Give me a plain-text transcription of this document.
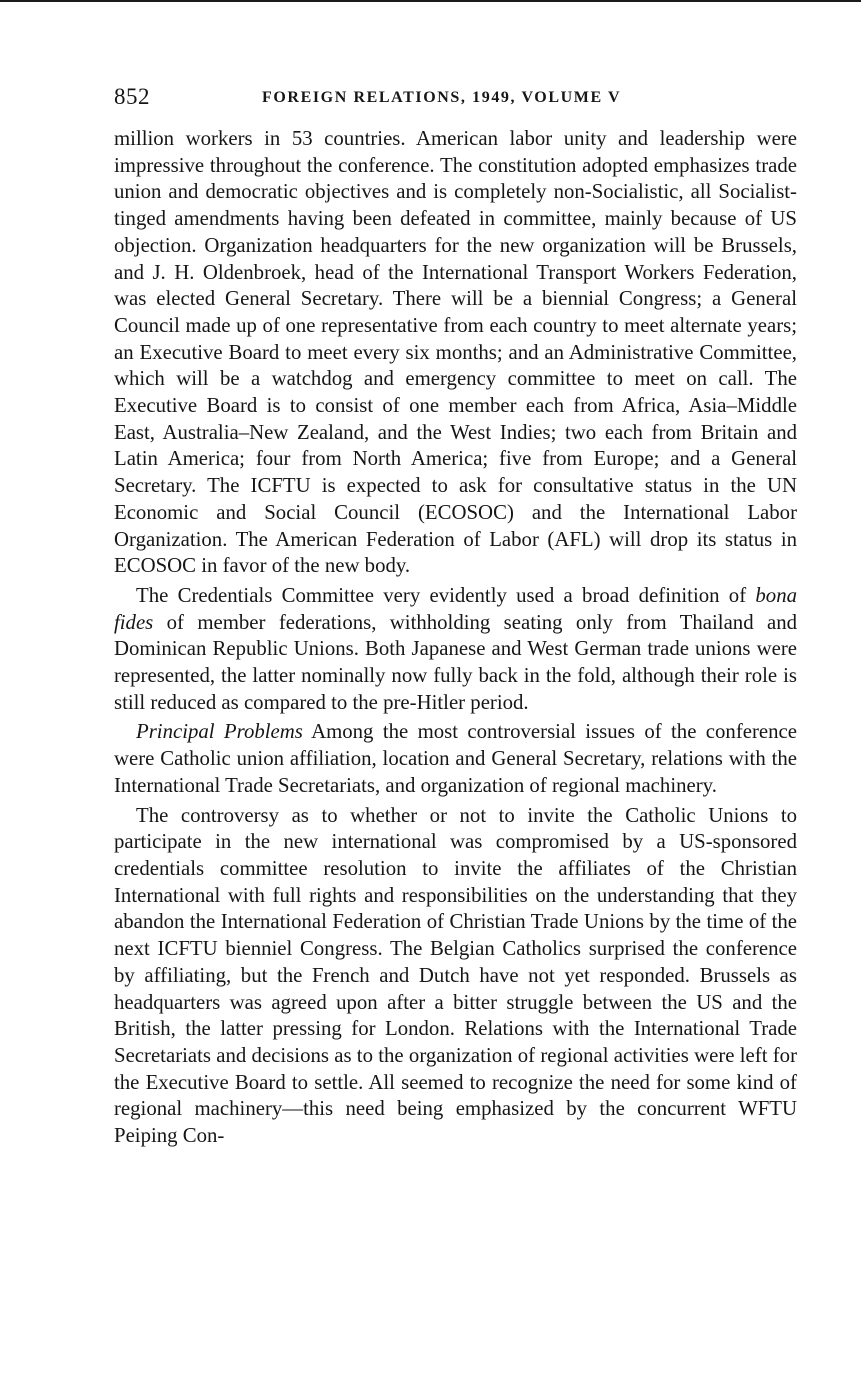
852	FOREIGN RELATIONS, 1949, VOLUME V

million workers in 53 countries. American labor unity and leadership were impressive throughout the conference. The constitution adopted emphasizes trade union and democratic objectives and is completely non-Socialistic, all Socialist-tinged amendments having been defeated in committee, mainly because of US objection. Organization headquarters for the new organization will be Brussels, and J. H. Oldenbroek, head of the International Transport Workers Federation, was elected General Secretary. There will be a biennial Congress; a General Council made up of one representative from each country to meet alternate years; an Executive Board to meet every six months; and an Administrative Committee, which will be a watchdog and emergency committee to meet on call. The Executive Board is to consist of one member each from Africa, Asia–Middle East, Australia–New Zealand, and the West Indies; two each from Britain and Latin America; four from North America; five from Europe; and a General Secretary. The ICFTU is expected to ask for consultative status in the UN Economic and Social Council (ECOSOC) and the International Labor Organization. The American Federation of Labor (AFL) will drop its status in ECOSOC in favor of the new body.

The Credentials Committee very evidently used a broad definition of bona fides of member federations, withholding seating only from Thailand and Dominican Republic Unions. Both Japanese and West German trade unions were represented, the latter nominally now fully back in the fold, although their role is still reduced as compared to the pre-Hitler period.

Principal Problems Among the most controversial issues of the conference were Catholic union affiliation, location and General Secretary, relations with the International Trade Secretariats, and organization of regional machinery.

The controversy as to whether or not to invite the Catholic Unions to participate in the new international was compromised by a US-sponsored credentials committee resolution to invite the affiliates of the Christian International with full rights and responsibilities on the understanding that they abandon the International Federation of Christian Trade Unions by the time of the next ICFTU bienniel Congress. The Belgian Catholics surprised the conference by affiliating, but the French and Dutch have not yet responded. Brussels as headquarters was agreed upon after a bitter struggle between the US and the British, the latter pressing for London. Relations with the International Trade Secretariats and decisions as to the organization of regional activities were left for the Executive Board to settle. All seemed to recognize the need for some kind of regional machinery—this need being emphasized by the concurrent WFTU Peiping Con-
